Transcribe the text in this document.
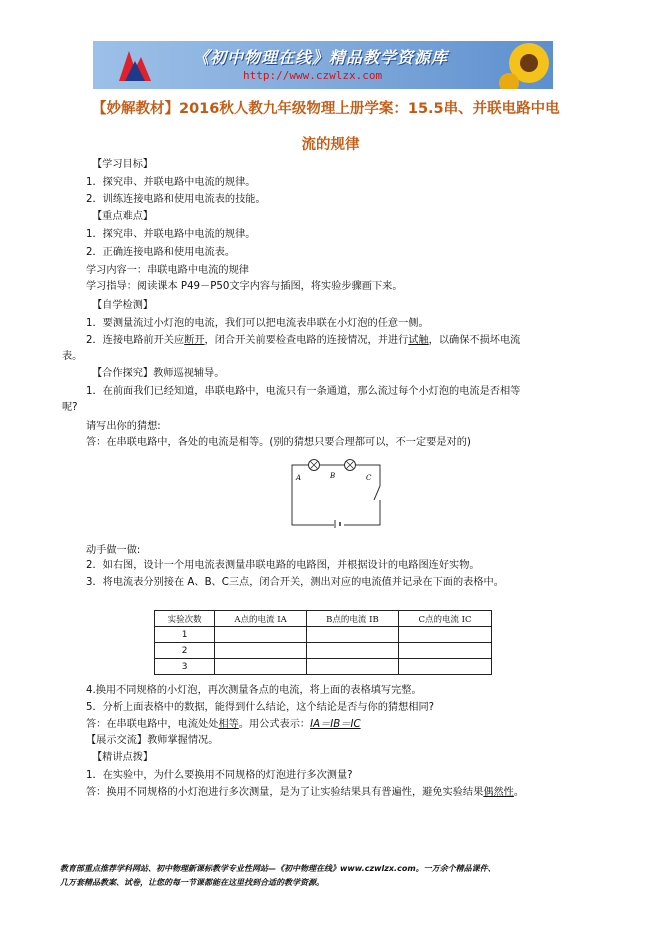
《初中物理在线》精品教学资源库
http://www.czwlzx.com
【妙解教材】2016秋人教九年级物理上册学案：15.5串、并联电路中电
流的规律
【学习目标】
1．探究串、并联电路中电流的规律。
2．训练连接电路和使用电流表的技能。
【重点难点】
1．探究串、并联电路中电流的规律。
2．正确连接电路和使用电流表。
学习内容一：串联电路中电流的规律
学习指导：阅读课本 P49－P50文字内容与插图，将实验步骤画下来。
【自学检测】
1．要测量流过小灯泡的电流，我们可以把电流表串联在小灯泡的任意一侧。
2．连接电路前开关应断开，闭合开关前要检查电路的连接情况，并进行试触，以确保不损坏电流
表。
【合作探究】教师巡视辅导。
1．在前面我们已经知道，串联电路中，电流只有一条通道，那么流过每个小灯泡的电流是否相等
呢?
请写出你的猜想:
答：在串联电路中，各处的电流是相等。(别的猜想只要合理都可以，不一定要是对的)
A	B	C
动手做一做:
2．如右图，设计一个用电流表测量串联电路的电路图，并根据设计的电路图连好实物。
3．将电流表分别接在 A、B、C三点，闭合开关，测出对应的电流值并记录在下面的表格中。
实验次数	A点的电流 IA	B点的电流 IB	C点的电流 IC
1			
2			
3			
4.换用不同规格的小灯泡，再次测量各点的电流，将上面的表格填写完整。
5．分析上面表格中的数据，能得到什么结论，这个结论是否与你的猜想相同?
答：在串联电路中，电流处处相等。用公式表示：IA＝IB＝IC
【展示交流】教师掌握情况。
【精讲点拨】
1．在实验中，为什么要换用不同规格的灯泡进行多次测量?
答：换用不同规格的小灯泡进行多次测量，是为了让实验结果具有普遍性，避免实验结果偶然性。
教育部重点推荐学科网站、初中物理新课标教学专业性网站—《初中物理在线》www.czwlzx.com。一万余个精品课件、
几万套精品教案、试卷，让您的每一节课都能在这里找到合适的教学资源。
